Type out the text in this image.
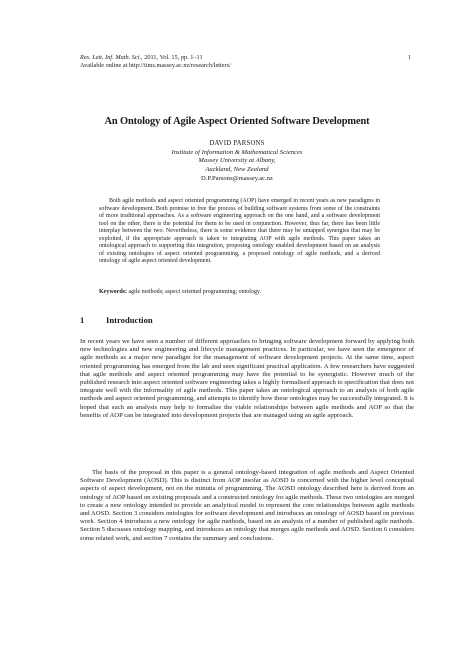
Res. Lett. Inf. Math. Sci., 2011, Vol. 15, pp. 1–11
Available online at http://iims.massey.ac.nz/research/letters/
1
An Ontology of Agile Aspect Oriented Software Development
DAVID PARSONS
Institute of Information & Mathematical Sciences
Massey University at Albany,
Auckland, New Zealand
D.P.Parsons@massey.ac.nz

Both agile methods and aspect oriented programming (AOP) have emerged in recent years as new paradigms in software development. Both promise to free the process of building software systems from some of the constraints of more traditional approaches. As a software engineering approach on the one hand, and a software development tool on the other, there is the potential for them to be used in conjunction. However, thus far, there has been little interplay between the two. Nevertheless, there is some evidence that there may be untapped synergies that may be exploited, if the appropriate approach is taken to integrating AOP with agile methods. This paper takes an ontological approach to supporting this integration, proposing ontology enabled development based on an analysis of existing ontologies of aspect oriented programming, a proposed ontology of agile methods, and a derived ontology of agile aspect oriented development.

Keywords: agile methods; aspect oriented programming; ontology.

1	Introduction

In recent years we have seen a number of different approaches to bringing software development forward by applying both new technologies and new engineering and lifecycle management practices. In particular, we have seen the emergence of agile methods as a major new paradigm for the management of software development projects. At the same time, aspect oriented programming has emerged from the lab and seen significant practical application. A few researchers have suggested that agile methods and aspect oriented programming may have the potential to be synergistic. However much of the published research into aspect oriented software engineering takes a highly formalised approach to specification that does not integrate well with the informality of agile methods. This paper takes an ontological approach to an analysis of both agile methods and aspect oriented programming, and attempts to identify how these ontologies may be successfully integrated. It is hoped that such an analysis may help to formalise the viable relationships between agile methods and AOP so that the benefits of AOP can be integrated into development projects that are managed using an agile approach.

The basis of the proposal in this paper is a general ontology-based integration of agile methods and Aspect Oriented Software Development (AOSD). This is distinct from AOP insofar as AOSD is concerned with the higher level conceptual aspects of aspect development, not on the minutia of programming. The AOSD ontology described here is derived from an ontology of AOP based on existing proposals and a constructed ontology for agile methods. These two ontologies are merged to create a new ontology intended to provide an analytical model to represent the core relationships between agile methods and AOSD. Section 3 considers ontologies for software development and introduces an ontology of AOSD based on previous work. Section 4 introduces a new ontology for agile methods, based on an analysis of a number of published agile methods. Section 5 discusses ontology mapping, and introduces an ontology that merges agile methods and AOSD. Section 6 considers some related work, and section 7 contains the summary and conclusions.
